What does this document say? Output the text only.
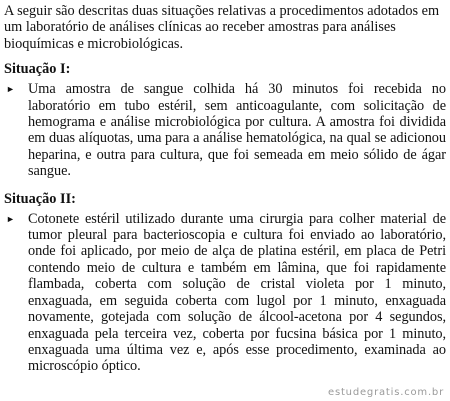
A seguir são descritas duas situações relativas a procedimentos adotados em um laboratório de análises clínicas ao receber amostras para análises bioquímicas e microbiológicas.

Situação I:
► Uma amostra de sangue colhida há 30 minutos foi recebida no laboratório em tubo estéril, sem anticoagulante, com solicitação de hemograma e análise microbiológica por cultura. A amostra foi dividida em duas alíquotas, uma para a análise hematológica, na qual se adicionou heparina, e outra para cultura, que foi semeada em meio sólido de ágar sangue.
Situação II:
► Cotonete estéril utilizado durante uma cirurgia para colher material de tumor pleural para bacterioscopia e cultura foi enviado ao laboratório, onde foi aplicado, por meio de alça de platina estéril, em placa de Petri contendo meio de cultura e também em lâmina, que foi rapidamente flambada, coberta com solução de cristal violeta por 1 minuto, enxaguada, em seguida coberta com lugol por 1 minuto, enxaguada novamente, gotejada com solução de álcool-acetona por 4 segundos, enxaguada pela terceira vez, coberta por fucsina básica por 1 minuto, enxaguada uma última vez e, após esse procedimento, examinada ao microscópio óptico.
estudegratis.com.br
